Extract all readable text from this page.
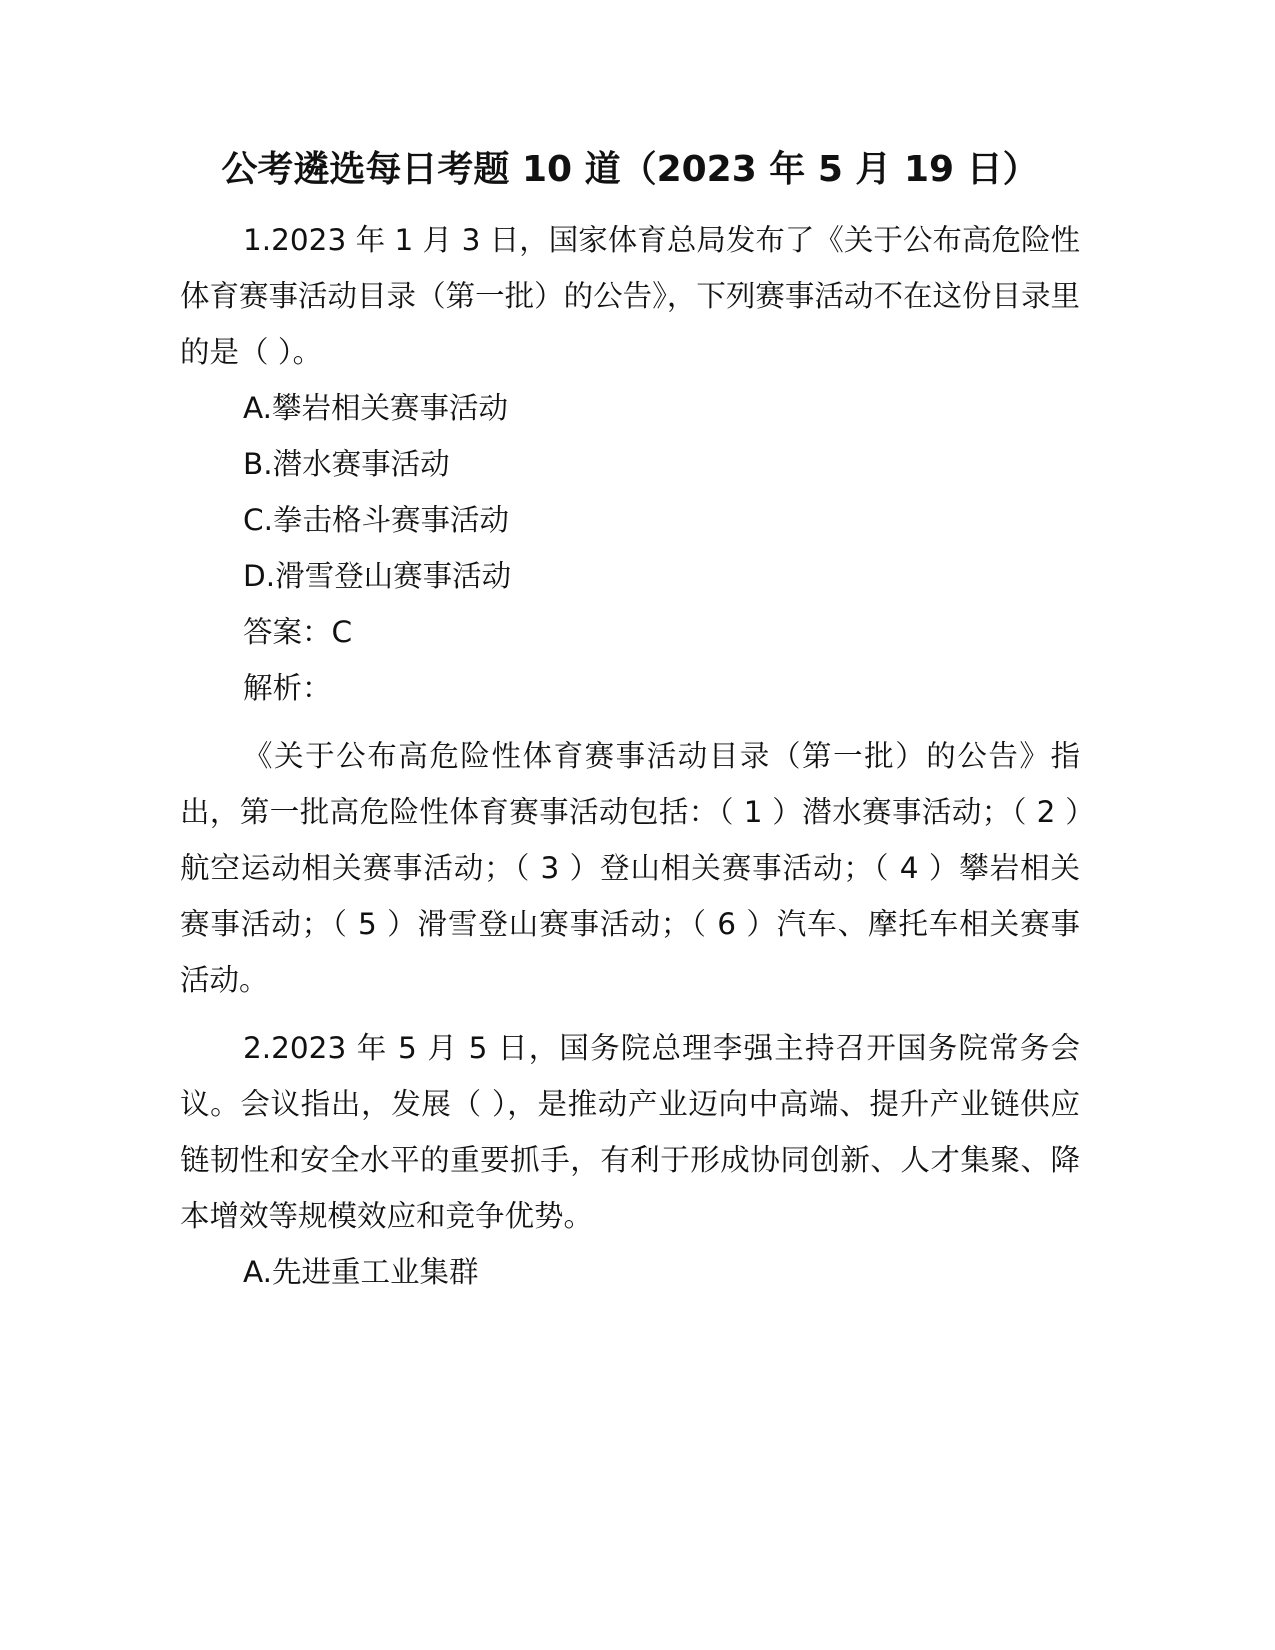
公考遴选每日考题 10 道（2023 年 5 月 19 日）

1.2023 年 1 月 3 日，国家体育总局发布了《关于公布高危险性体育赛事活动目录（第一批）的公告》，下列赛事活动不在这份目录里的是（ ）。

A.攀岩相关赛事活动

B.潜水赛事活动

C.拳击格斗赛事活动

D.滑雪登山赛事活动

答案：C

解析：

《关于公布高危险性体育赛事活动目录（第一批）的公告》指出，第一批高危险性体育赛事活动包括：（ 1 ）潜水赛事活动；（ 2 ）航空运动相关赛事活动；（ 3 ）登山相关赛事活动；（ 4 ）攀岩相关赛事活动；（ 5 ）滑雪登山赛事活动；（ 6 ）汽车、摩托车相关赛事活动。

2.2023 年 5 月 5 日，国务院总理李强主持召开国务院常务会议。会议指出，发展（ ），是推动产业迈向中高端、提升产业链供应链韧性和安全水平的重要抓手，有利于形成协同创新、人才集聚、降本增效等规模效应和竞争优势。

A.先进重工业集群
